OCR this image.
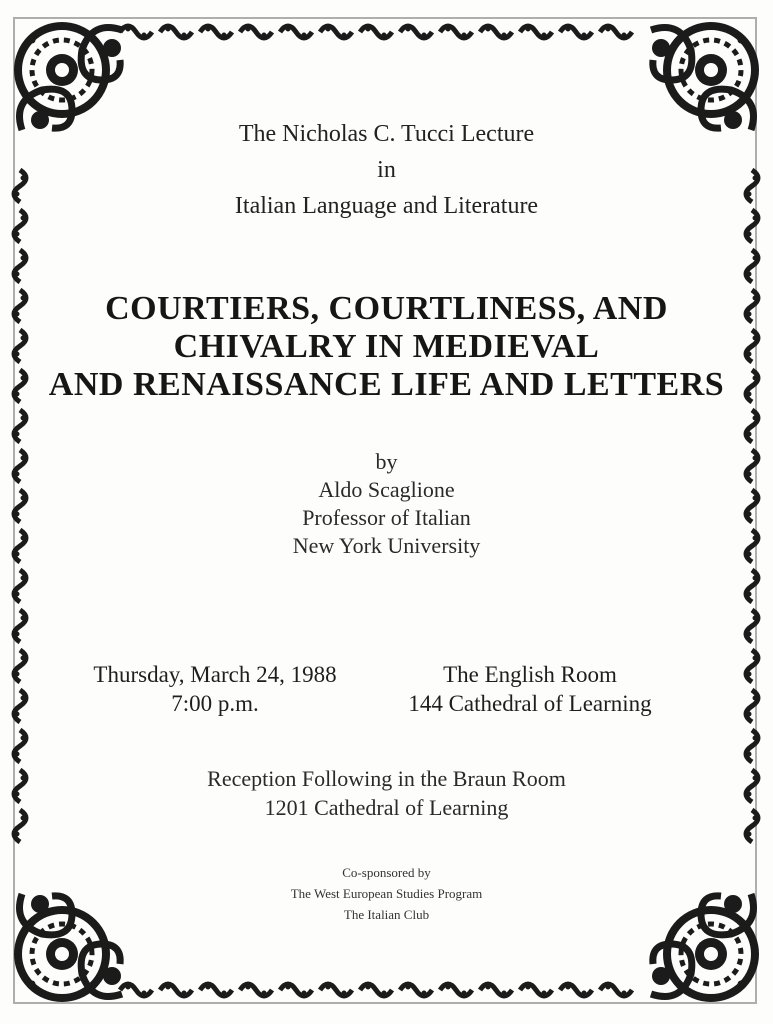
The Nicholas C. Tucci Lecture
in
Italian Language and Literature
COURTIERS, COURTLINESS, AND
CHIVALRY IN MEDIEVAL
AND RENAISSANCE LIFE AND LETTERS
by
Aldo Scaglione
Professor of Italian
New York University
Thursday, March 24, 1988
7:00 p.m.
The English Room
144 Cathedral of Learning
Reception Following in the Braun Room
1201 Cathedral of Learning
Co-sponsored by
The West European Studies Program
The Italian Club
